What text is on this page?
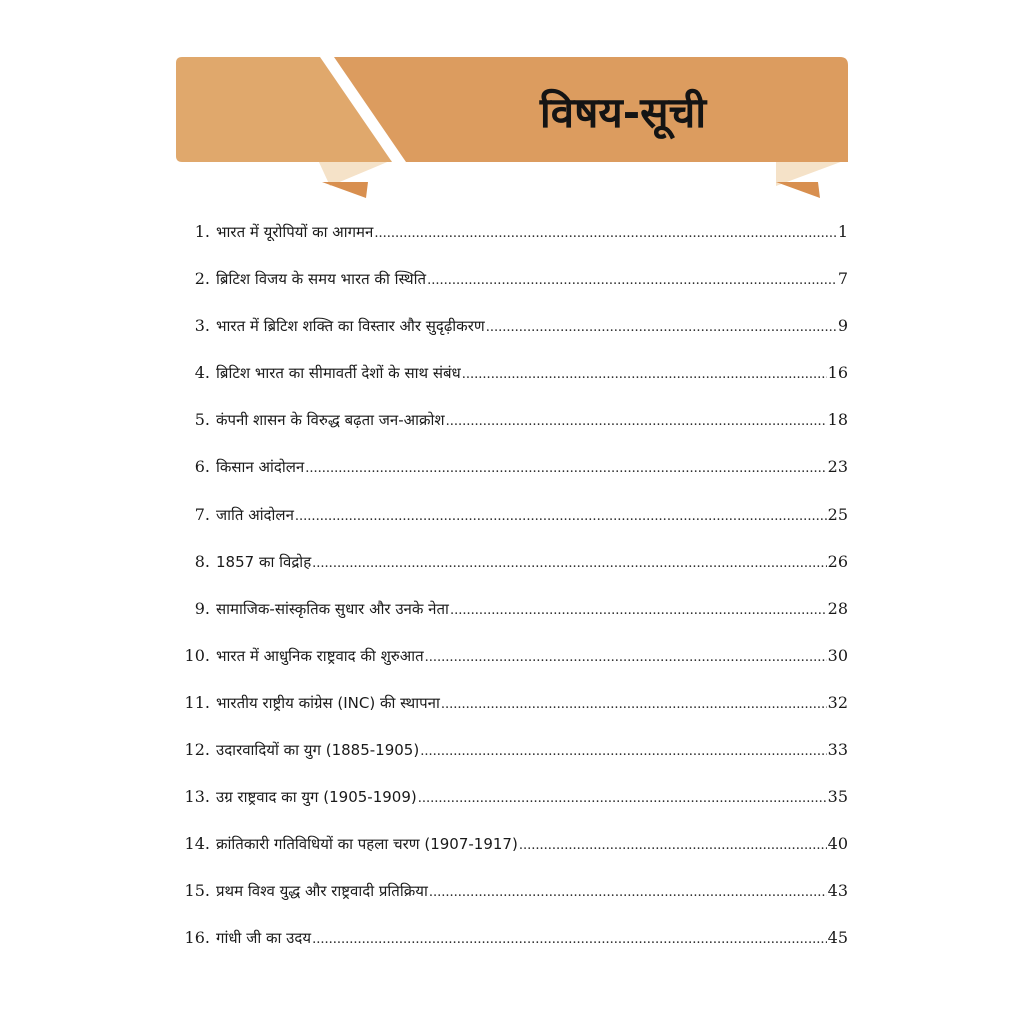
विषय-सूची
1. भारत में यूरोपियों का आगमन .....	1
2. ब्रिटिश विजय के समय भारत की स्थिति .....	7
3. भारत में ब्रिटिश शक्ति का विस्तार और सुदृढ़ीकरण .....	9
4. ब्रिटिश भारत का सीमावर्ती देशों के साथ संबंध .....	16
5. कंपनी शासन के विरुद्ध बढ़ता जन-आक्रोश .....	18
6. किसान आंदोलन .....	23
7. जाति आंदोलन .....	25
8. 1857 का विद्रोह .....	26
9. सामाजिक-सांस्कृतिक सुधार और उनके नेता .....	28
10. भारत में आधुनिक राष्ट्रवाद की शुरुआत .....	30
11. भारतीय राष्ट्रीय कांग्रेस (INC) की स्थापना .....	32
12. उदारवादियों का युग (1885-1905) .....	33
13. उग्र राष्ट्रवाद का युग (1905-1909) .....	35
14. क्रांतिकारी गतिविधियों का पहला चरण (1907-1917) .....	40
15. प्रथम विश्व युद्ध और राष्ट्रवादी प्रतिक्रिया .....	43
16. गांधी जी का उदय .....	45
